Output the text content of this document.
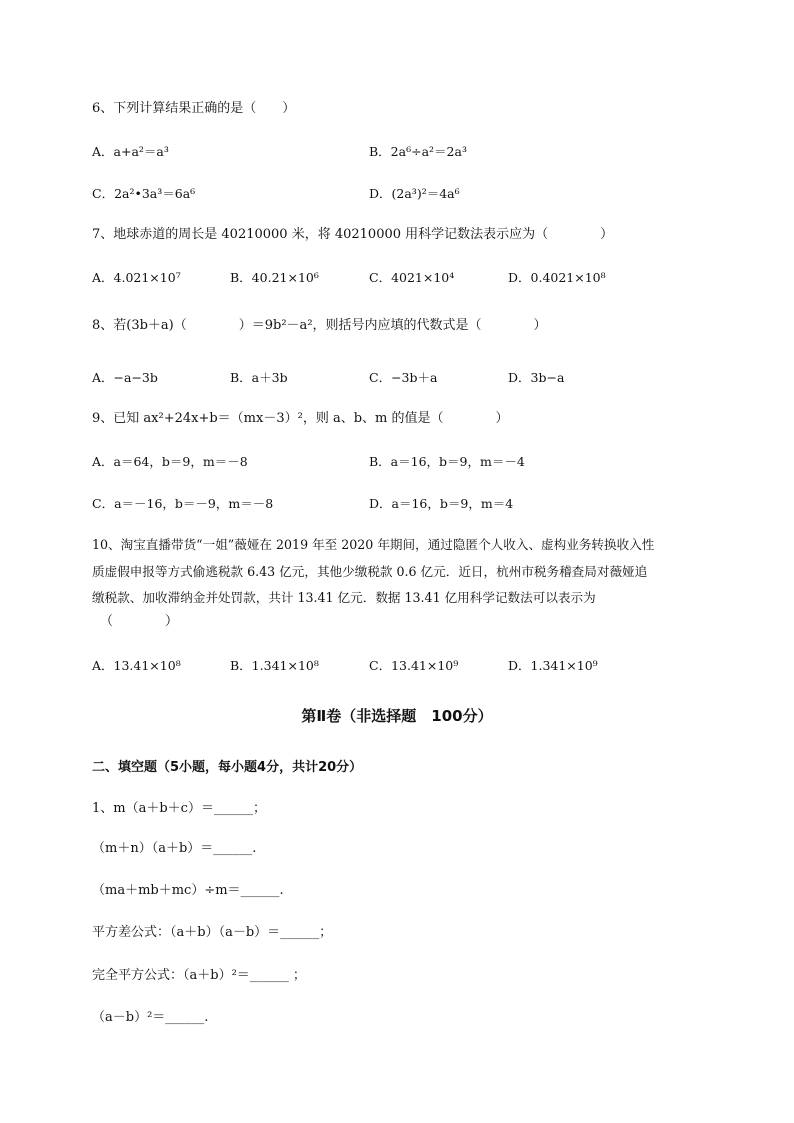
6、下列计算结果正确的是（　　）
A．a+a²＝a³	B．2a⁶÷a²＝2a³
C．2a²•3a³＝6a⁶	D．(2a³)²＝4a⁶
7、地球赤道的周长是 40210000 米，将 40210000 用科学记数法表示应为（　　　　）
A．4.021×10⁷	B．40.21×10⁶	C．4021×10⁴	D．0.4021×10⁸
8、若(3b＋a)（　　　　）＝9b²－a²，则括号内应填的代数式是（　　　　）
A．−a−3b	B．a＋3b	C．−3b＋a	D．3b−a
9、已知 ax²+24x+b＝（mx－3）²，则 a、b、m 的值是（　　　　）
A．a＝64，b＝9，m＝－8	B．a＝16，b＝9，m＝－4
C．a＝－16，b＝－9，m＝－8	D．a＝16，b＝9，m＝4
10、淘宝直播带货“一姐”薇娅在 2019 年至 2020 年期间，通过隐匿个人收入、虚构业务转换收入性
质虚假申报等方式偷逃税款 6.43 亿元，其他少缴税款 0.6 亿元．近日，杭州市税务稽查局对薇娅追
缴税款、加收滞纳金并处罚款，共计 13.41 亿元．数据 13.41 亿用科学记数法可以表示为
（　　　　）
A．13.41×10⁸	B．1.341×10⁸	C．13.41×10⁹	D．1.341×10⁹
第Ⅱ卷（非选择题　100分）
二、填空题（5小题，每小题4分，共计20分）
1、m（a＋b＋c）＝______；
（m＋n）（a＋b）＝______.
（ma＋mb＋mc）÷m＝______.
平方差公式：（a＋b）（a－b）＝______；
完全平方公式：（a＋b）²＝______ ；
（a－b）²＝______.
